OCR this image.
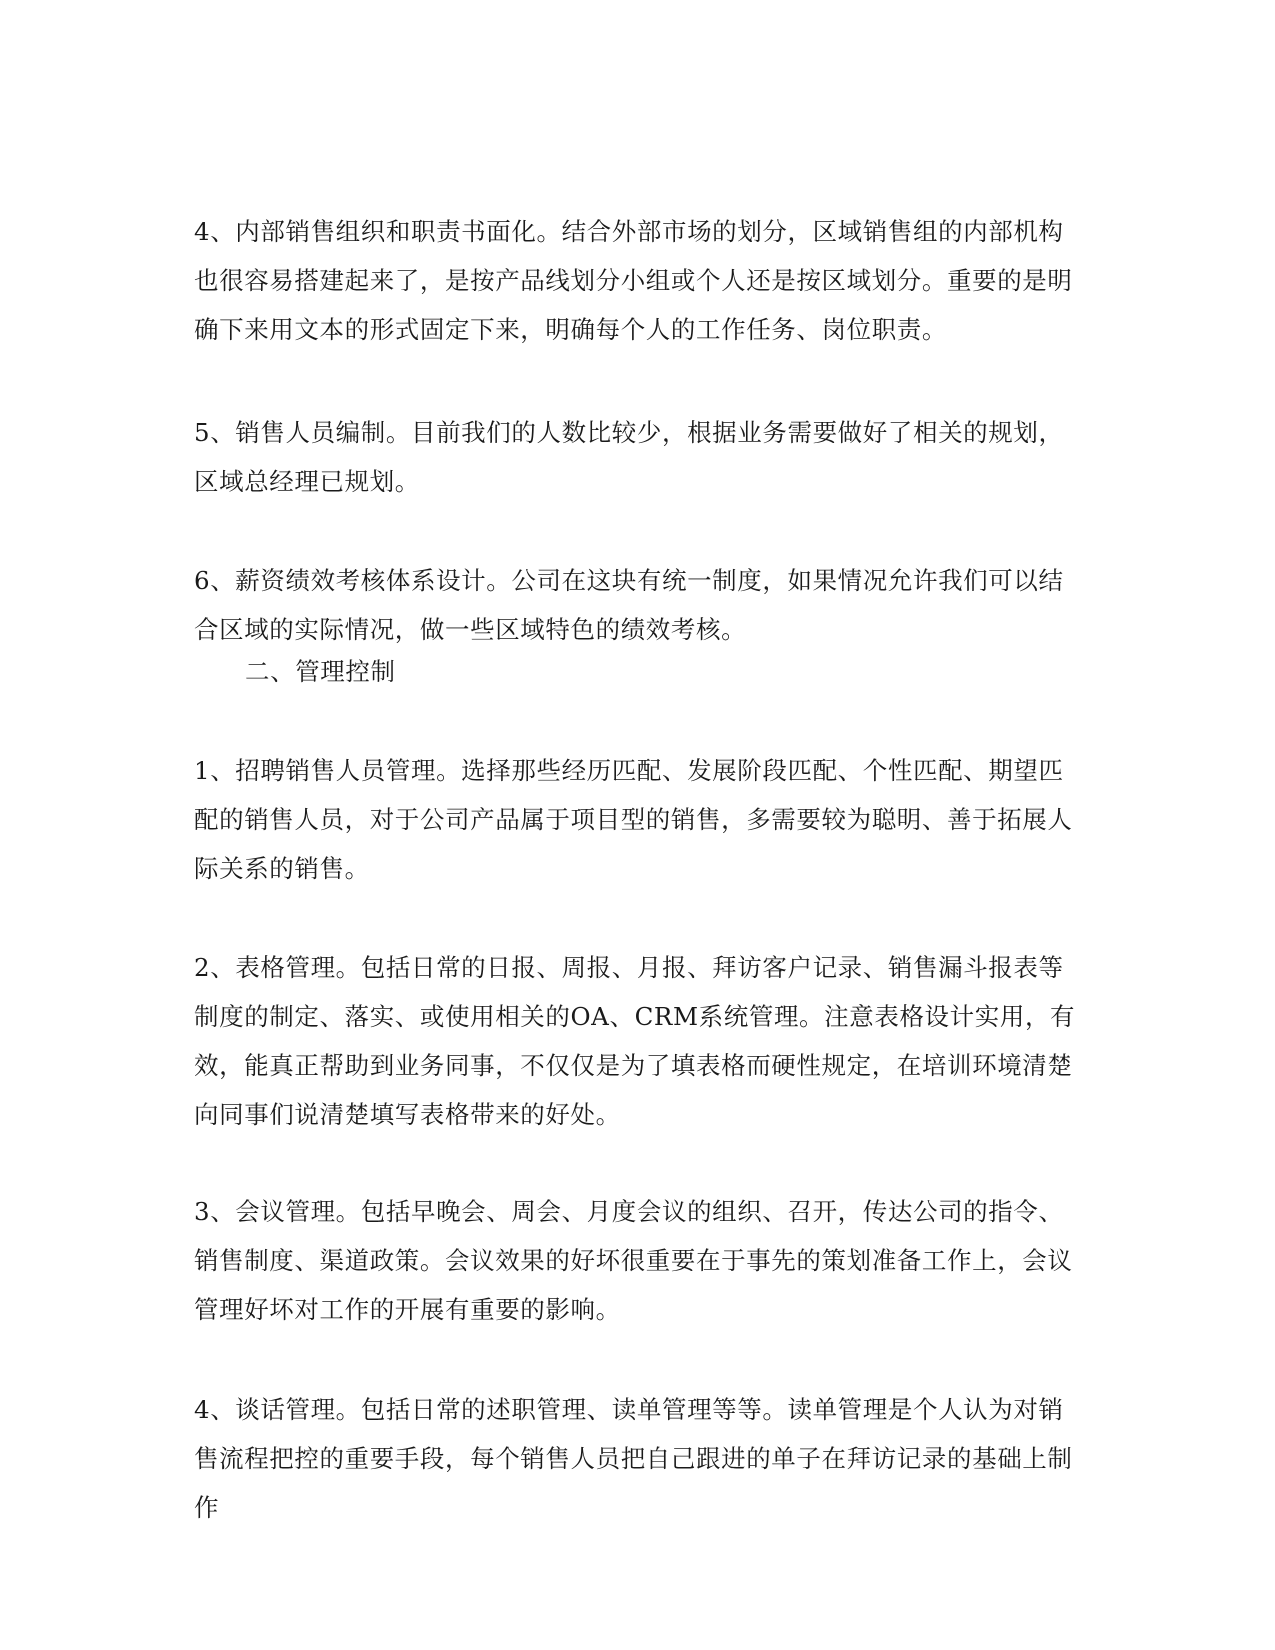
4、内部销售组织和职责书面化。结合外部市场的划分，区域销售组的内部机构也很容易搭建起来了，是按产品线划分小组或个人还是按区域划分。重要的是明确下来用文本的形式固定下来，明确每个人的工作任务、岗位职责。

5、销售人员编制。目前我们的人数比较少，根据业务需要做好了相关的规划，区域总经理已规划。

6、薪资绩效考核体系设计。公司在这块有统一制度，如果情况允许我们可以结合区域的实际情况，做一些区域特色的绩效考核。

二、管理控制

1、招聘销售人员管理。选择那些经历匹配、发展阶段匹配、个性匹配、期望匹配的销售人员，对于公司产品属于项目型的销售，多需要较为聪明、善于拓展人际关系的销售。

2、表格管理。包括日常的日报、周报、月报、拜访客户记录、销售漏斗报表等制度的制定、落实、或使用相关的OA、CRM系统管理。注意表格设计实用，有效，能真正帮助到业务同事，不仅仅是为了填表格而硬性规定，在培训环境清楚向同事们说清楚填写表格带来的好处。

3、会议管理。包括早晚会、周会、月度会议的组织、召开，传达公司的指令、销售制度、渠道政策。会议效果的好坏很重要在于事先的策划准备工作上，会议管理好坏对工作的开展有重要的影响。

4、谈话管理。包括日常的述职管理、读单管理等等。读单管理是个人认为对销售流程把控的重要手段，每个销售人员把自己跟进的单子在拜访记录的基础上制作
